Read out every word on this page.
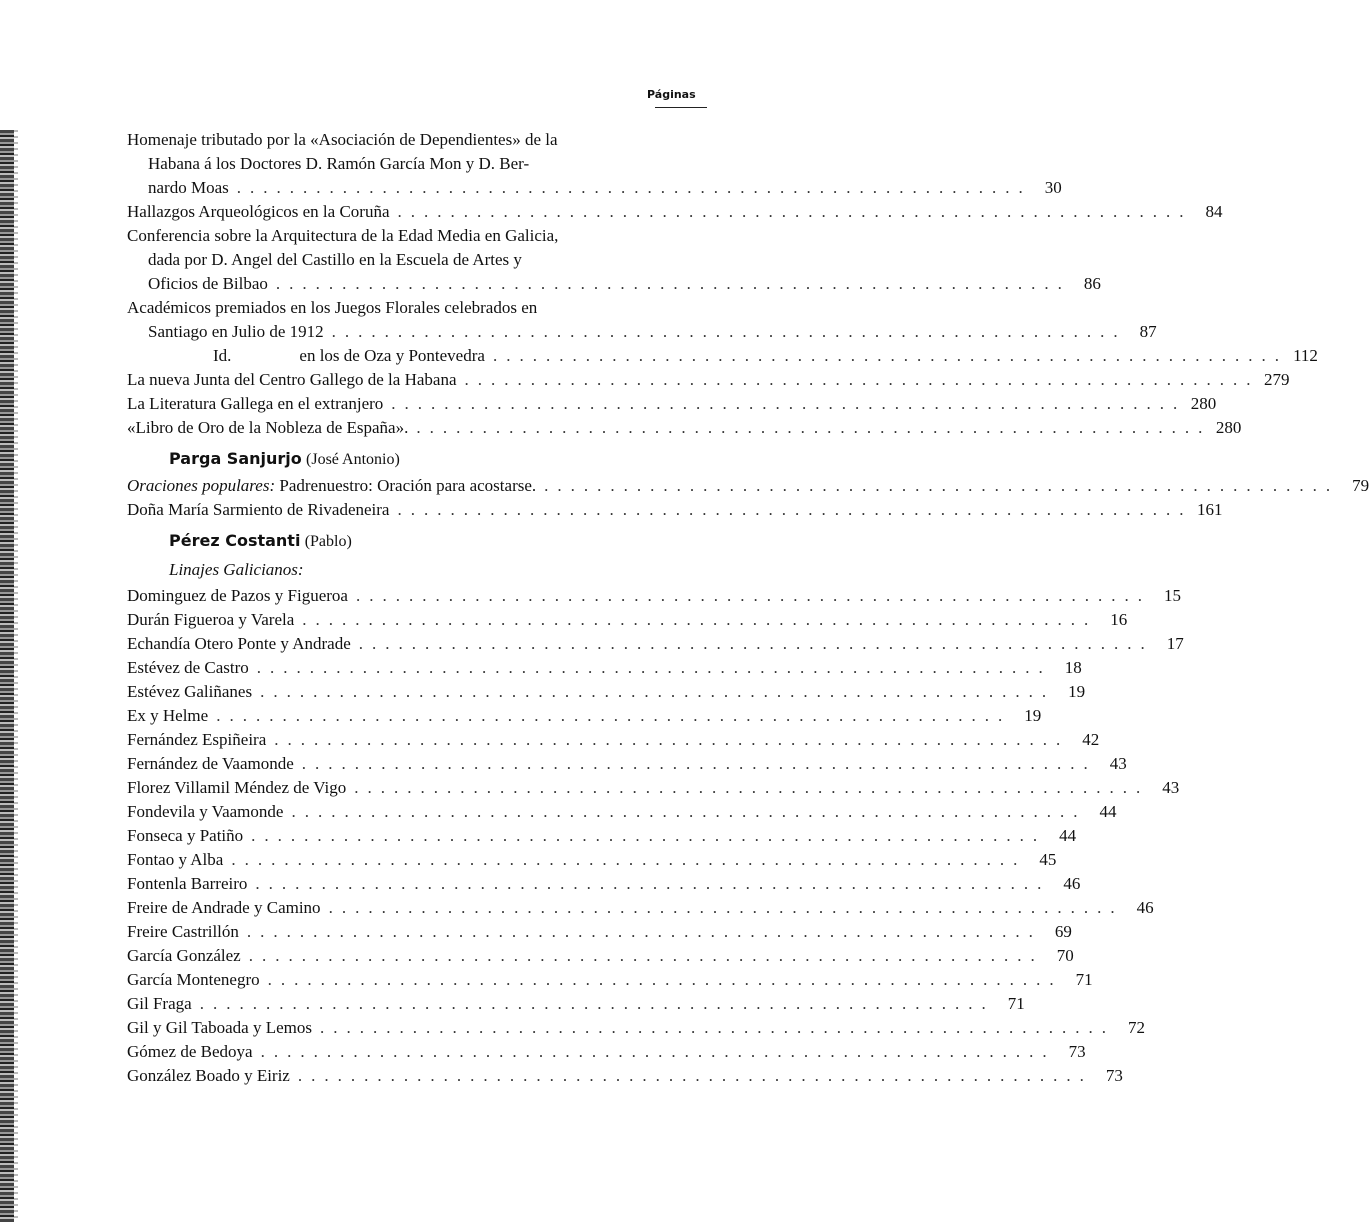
Páginas
Homenaje tributado por la «Asociación de Dependientes» de la
Habana á los Doctores D. Ramón García Mon y D. Ber-
nardo Moas ............................................................ 30
Hallazgos Arqueológicos en la Coruña ............................................................ 84
Conferencia sobre la Arquitectura de la Edad Media en Galicia,
dada por D. Angel del Castillo en la Escuela de Artes y
Oficios de Bilbao ............................................................ 86
Académicos premiados en los Juegos Florales celebrados en
Santiago en Julio de 1912 ............................................................ 87
Id.                en los de Oza y Pontevedra ............................................................ 112
La nueva Junta del Centro Gallego de la Habana ............................................................ 279
La Literatura Gallega en el extranjero ............................................................ 280
«Libro de Oro de la Nobleza de España». ............................................................ 280
Parga Sanjurjo (José Antonio)
Oraciones populares: Padrenuestro: Oración para acostarse. ............................................................ 79
Doña María Sarmiento de Rivadeneira ............................................................ 161
Pérez Costanti (Pablo)
Linajes Galicianos:
Dominguez de Pazos y Figueroa ............................................................ 15
Durán Figueroa y Varela ............................................................ 16
Echandía Otero Ponte y Andrade ............................................................ 17
Estévez de Castro ............................................................ 18
Estévez Galiñanes ............................................................ 19
Ex y Helme ............................................................ 19
Fernández Espiñeira ............................................................ 42
Fernández de Vaamonde ............................................................ 43
Florez Villamil Méndez de Vigo ............................................................ 43
Fondevila y Vaamonde ............................................................ 44
Fonseca y Patiño ............................................................ 44
Fontao y Alba ............................................................ 45
Fontenla Barreiro ............................................................ 46
Freire de Andrade y Camino ............................................................ 46
Freire Castrillón ............................................................ 69
García González ............................................................ 70
García Montenegro ............................................................ 71
Gil Fraga ............................................................ 71
Gil y Gil Taboada y Lemos ............................................................ 72
Gómez de Bedoya ............................................................ 73
González Boado y Eiriz ............................................................ 73
